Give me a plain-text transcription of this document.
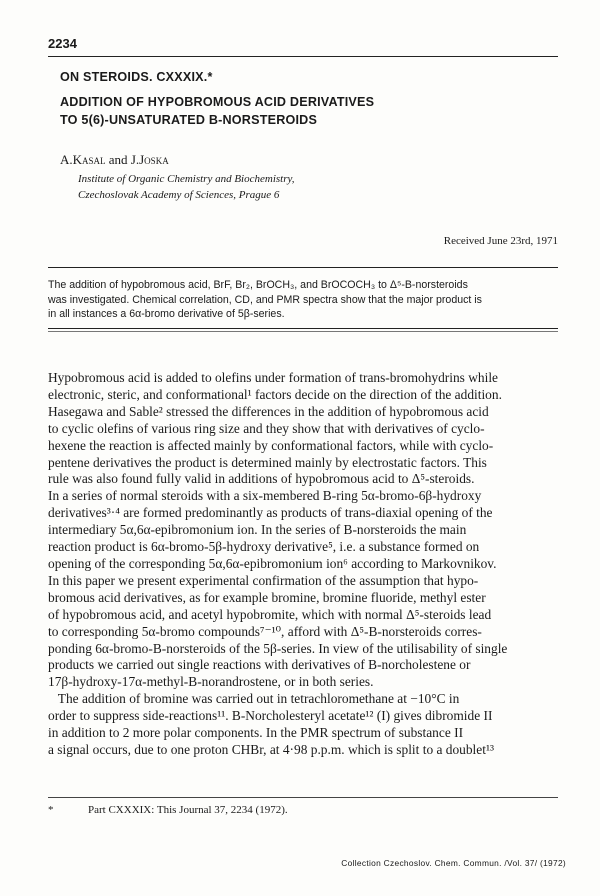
2234
ON STEROIDS. CXXXIX.*
ADDITION OF HYPOBROMOUS ACID DERIVATIVES
TO 5(6)-UNSATURATED B-NORSTEROIDS
A.Kasal and J.Joska
Institute of Organic Chemistry and Biochemistry,
Czechoslovak Academy of Sciences, Prague 6
Received June 23rd, 1971

The addition of hypobromous acid, BrF, Br₂, BrOCH₃, and BrOCOCH₃ to Δ⁵-B-norsteroids

was investigated. Chemical correlation, CD, and PMR spectra show that the major product is

in all instances a 6α-bromo derivative of 5β-series.

Hypobromous acid is added to olefins under formation of trans-bromohydrins while

electronic, steric, and conformational¹ factors decide on the direction of the addition.

Hasegawa and Sable² stressed the differences in the addition of hypobromous acid

to cyclic olefins of various ring size and they show that with derivatives of cyclo-

hexene the reaction is affected mainly by conformational factors, while with cyclo-

pentene derivatives the product is determined mainly by electrostatic factors. This

rule was also found fully valid in additions of hypobromous acid to Δ⁵-steroids.

In a series of normal steroids with a six-membered B-ring 5α-bromo-6β-hydroxy

derivatives³·⁴ are formed predominantly as products of trans-diaxial opening of the

intermediary 5α,6α-epibromonium ion. In the series of B-norsteroids the main

reaction product is 6α-bromo-5β-hydroxy derivative⁵, i.e. a substance formed on

opening of the corresponding 5α,6α-epibromonium ion⁶ according to Markovnikov.

In this paper we present experimental confirmation of the assumption that hypo-

bromous acid derivatives, as for example bromine, bromine fluoride, methyl ester

of hypobromous acid, and acetyl hypobromite, which with normal Δ⁵-steroids lead

to corresponding 5α-bromo compounds⁷⁻¹⁰, afford with Δ⁵-B-norsteroids corres-

ponding 6α-bromo-B-norsteroids of the 5β-series. In view of the utilisability of single

products we carried out single reactions with derivatives of B-norcholestene or

17β-hydroxy-17α-methyl-B-norandrostene, or in both series.

The addition of bromine was carried out in tetrachloromethane at −10°C in

order to suppress side-reactions¹¹. B-Norcholesteryl acetate¹² (I) gives dibromide II

in addition to 2 more polar components. In the PMR spectrum of substance II

a signal occurs, due to one proton CHBr, at 4·98 p.p.m. which is split to a doublet¹³

*	Part CXXXIX: This Journal 37, 2234 (1972).
Collection Czechoslov. Chem. Commun. /Vol. 37/ (1972)
